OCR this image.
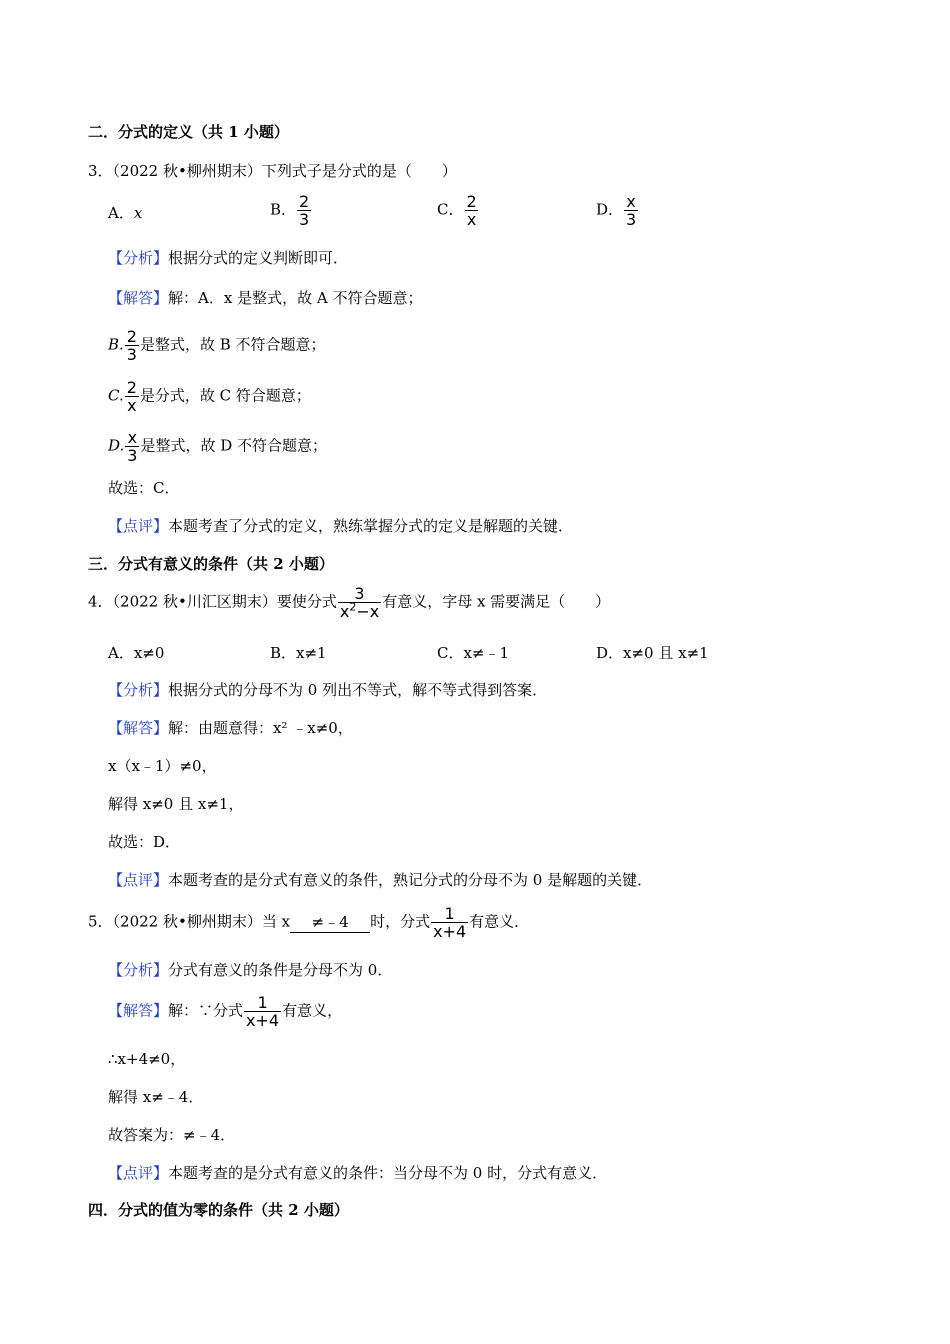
二．分式的定义（共 1 小题）
3．（2022 秋•柳州期末）下列式子是分式的是（　　）
A．x	B． $\frac{2}{3}$	C． $\frac{2}{x}$	D． $\frac{x}{3}$
【分析】根据分式的定义判断即可．
【解答】解：A．x 是整式，故 A 不符合题意；
B. $\frac{2}{3}$ 是整式，故 B 不符合题意；
C. $\frac{2}{x}$ 是分式，故 C 符合题意；
D. $\frac{x}{3}$ 是整式，故 D 不符合题意；
故选：C．
【点评】本题考查了分式的定义，熟练掌握分式的定义是解题的关键．
三．分式有意义的条件（共 2 小题）
4．（2022 秋•川汇区期末）要使分式 $\frac{3}{x^2-x}$ 有意义，字母 x 需要满足（　　）
A．x≠0	B．x≠1	C．x≠﹣1	D．x≠0 且 x≠1
【分析】根据分式的分母不为 0 列出不等式，解不等式得到答案．
【解答】解：由题意得：x² ﹣x≠0，
x（x﹣1）≠0，
解得 x≠0 且 x≠1，
故选：D．
【点评】本题考查的是分式有意义的条件，熟记分式的分母不为 0 是解题的关键．
5．（2022 秋•柳州期末）当 x ≠﹣4 时，分式 $\frac{1}{x+4}$ 有意义．
【分析】分式有意义的条件是分母不为 0．
【解答】解：∵分式 $\frac{1}{x+4}$ 有意义，
∴x+4≠0，
解得 x≠﹣4．
故答案为：≠﹣4．
【点评】本题考查的是分式有意义的条件：当分母不为 0 时，分式有意义．
四．分式的值为零的条件（共 2 小题）
